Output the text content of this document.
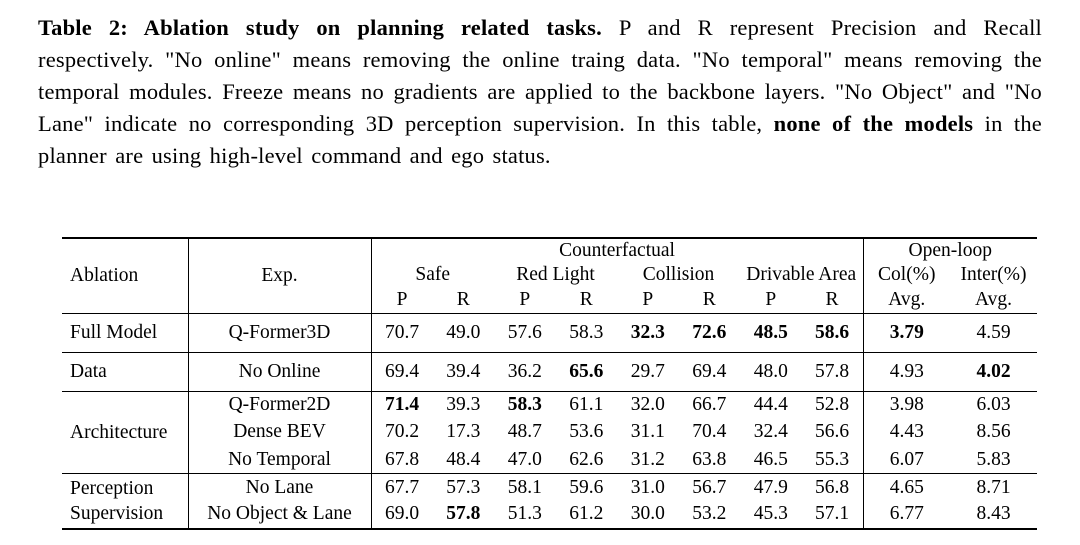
Table 2: Ablation study on planning related tasks. P and R represent Precision and Recall respectively. "No online" means removing the online traing data. "No temporal" means removing the temporal modules. Freeze means no gradients are applied to the backbone layers. "No Object" and "No Lane" indicate no corresponding 3D perception supervision. In this table, none of the models in the planner are using high-level command and ego status.
Ablation	Exp.	Counterfactual								Open-loop	
		Safe		Red Light		Collision		Drivable Area		Col(%)	Inter(%)
		P	R	P	R	P	R	P	R	Avg.	Avg.
Full Model	Q-Former3D	70.7	49.0	57.6	58.3	32.3	72.6	48.5	58.6	3.79	4.59
Data	No Online	69.4	39.4	36.2	65.6	29.7	69.4	48.0	57.8	4.93	4.02
Architecture	Q-Former2D	71.4	39.3	58.3	61.1	32.0	66.7	44.4	52.8	3.98	6.03
	Dense BEV	70.2	17.3	48.7	53.6	31.1	70.4	32.4	56.6	4.43	8.56
	No Temporal	67.8	48.4	47.0	62.6	31.2	63.8	46.5	55.3	6.07	5.83
Perception Supervision	No Lane	67.7	57.3	58.1	59.6	31.0	56.7	47.9	56.8	4.65	8.71
	No Object & Lane	69.0	57.8	51.3	61.2	30.0	53.2	45.3	57.1	6.77	8.43
